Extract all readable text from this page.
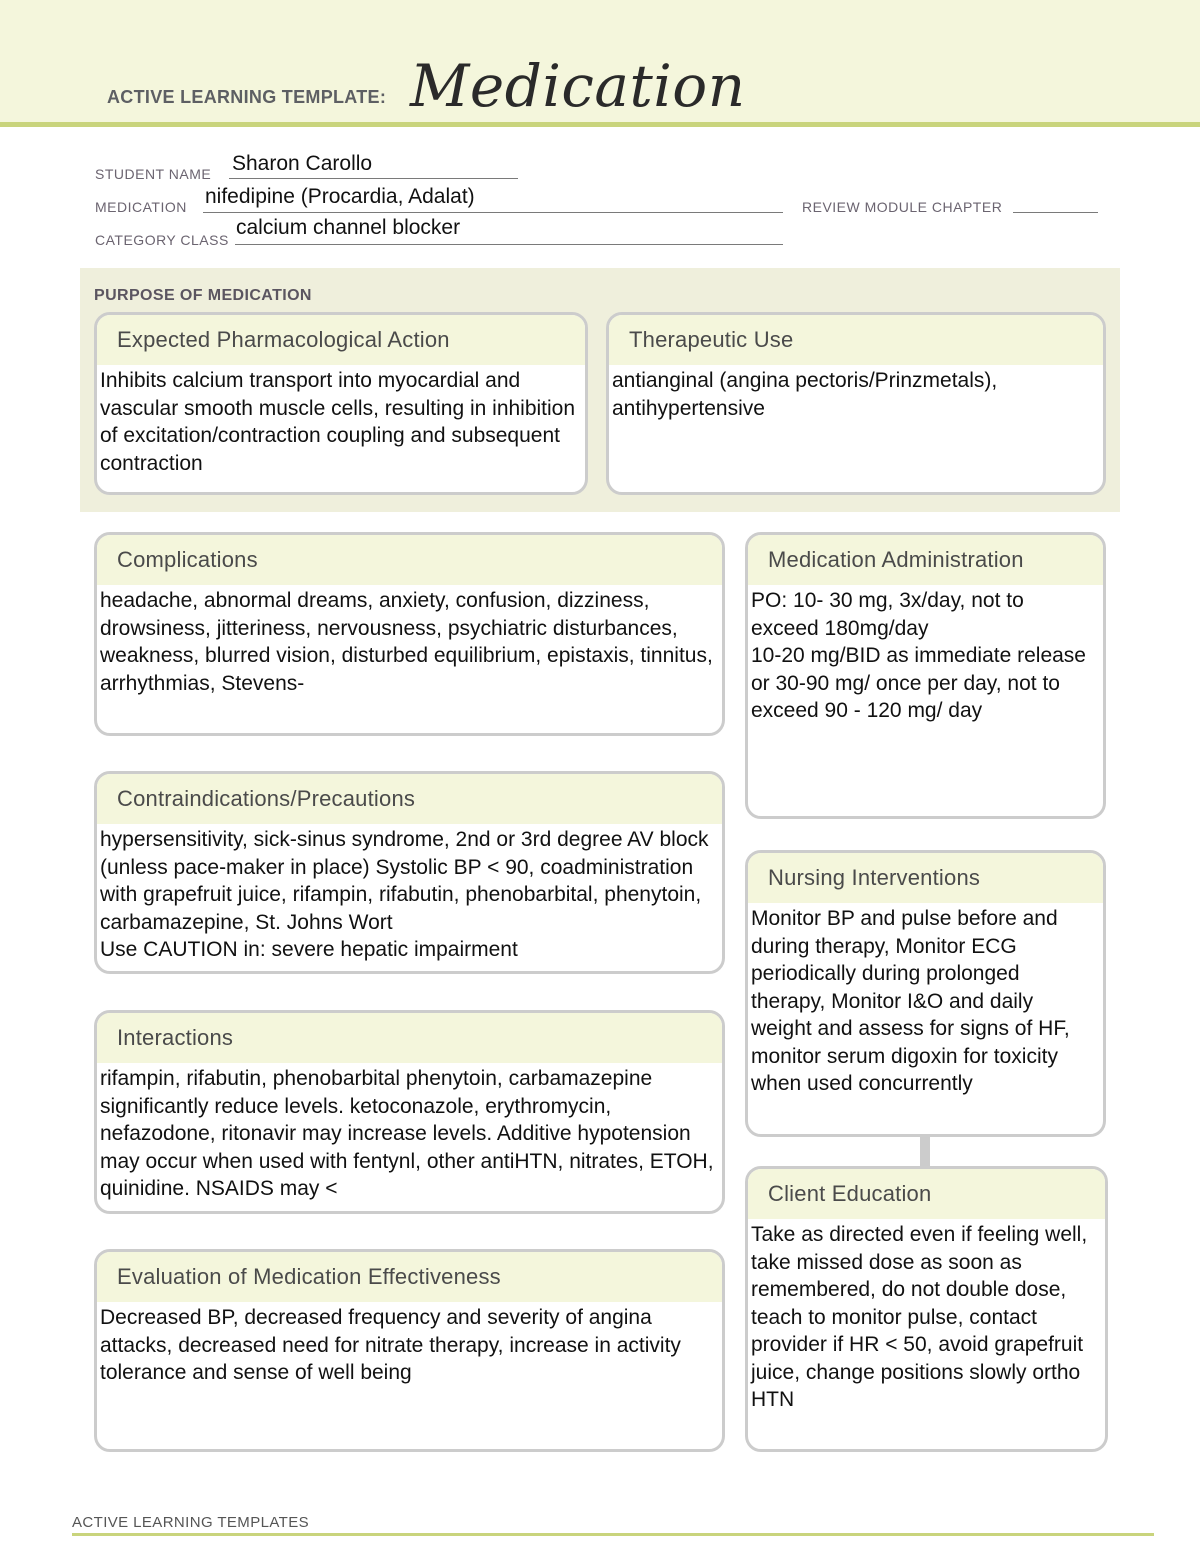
ACTIVE LEARNING TEMPLATE: Medication
STUDENT NAME Sharon Carollo
MEDICATION nifedipine (Procardia, Adalat)	REVIEW MODULE CHAPTER
CATEGORY CLASS
calcium channel blocker
PURPOSE OF MEDICATION
Expected Pharmacological Action
Inhibits calcium transport into myocardial and vascular smooth muscle cells, resulting in inhibition of excitation/contraction coupling and subsequent contraction
Therapeutic Use
antianginal (angina pectoris/Prinzmetals), antihypertensive
Complications
headache, abnormal dreams, anxiety, confusion, dizziness, drowsiness, jitteriness, nervousness, psychiatric disturbances, weakness, blurred vision, disturbed equilibrium, epistaxis, tinnitus, arrhythmias, Stevens-
Contraindications/Precautions
hypersensitivity, sick-sinus syndrome, 2nd or 3rd degree AV block (unless pace-maker in place) Systolic BP < 90, coadministration with grapefruit juice, rifampin, rifabutin, phenobarbital, phenytoin, carbamazepine, St. Johns Wort
Use CAUTION in: severe hepatic impairment
Interactions
rifampin, rifabutin, phenobarbital phenytoin, carbamazepine significantly reduce levels. ketoconazole, erythromycin, nefazodone, ritonavir may increase levels. Additive hypotension may occur when used with fentynl, other antiHTN, nitrates, ETOH, quinidine. NSAIDS may <
Evaluation of Medication Effectiveness
Decreased BP, decreased frequency and severity of angina attacks, decreased need for nitrate therapy, increase in activity tolerance and sense of well being
Medication Administration
PO: 10- 30 mg, 3x/day, not to exceed 180mg/day
10-20 mg/BID as immediate release or 30-90 mg/ once per day, not to exceed 90 - 120 mg/ day
Nursing Interventions
Monitor BP and pulse before and during therapy, Monitor ECG periodically during prolonged therapy, Monitor I&O and daily weight and assess for signs of HF, monitor serum digoxin for toxicity when used concurrently
Client Education
Take as directed even if feeling well, take missed dose as soon as remembered, do not double dose, teach to monitor pulse, contact provider if HR < 50, avoid grapefruit juice, change positions slowly ortho HTN
ACTIVE LEARNING TEMPLATES
